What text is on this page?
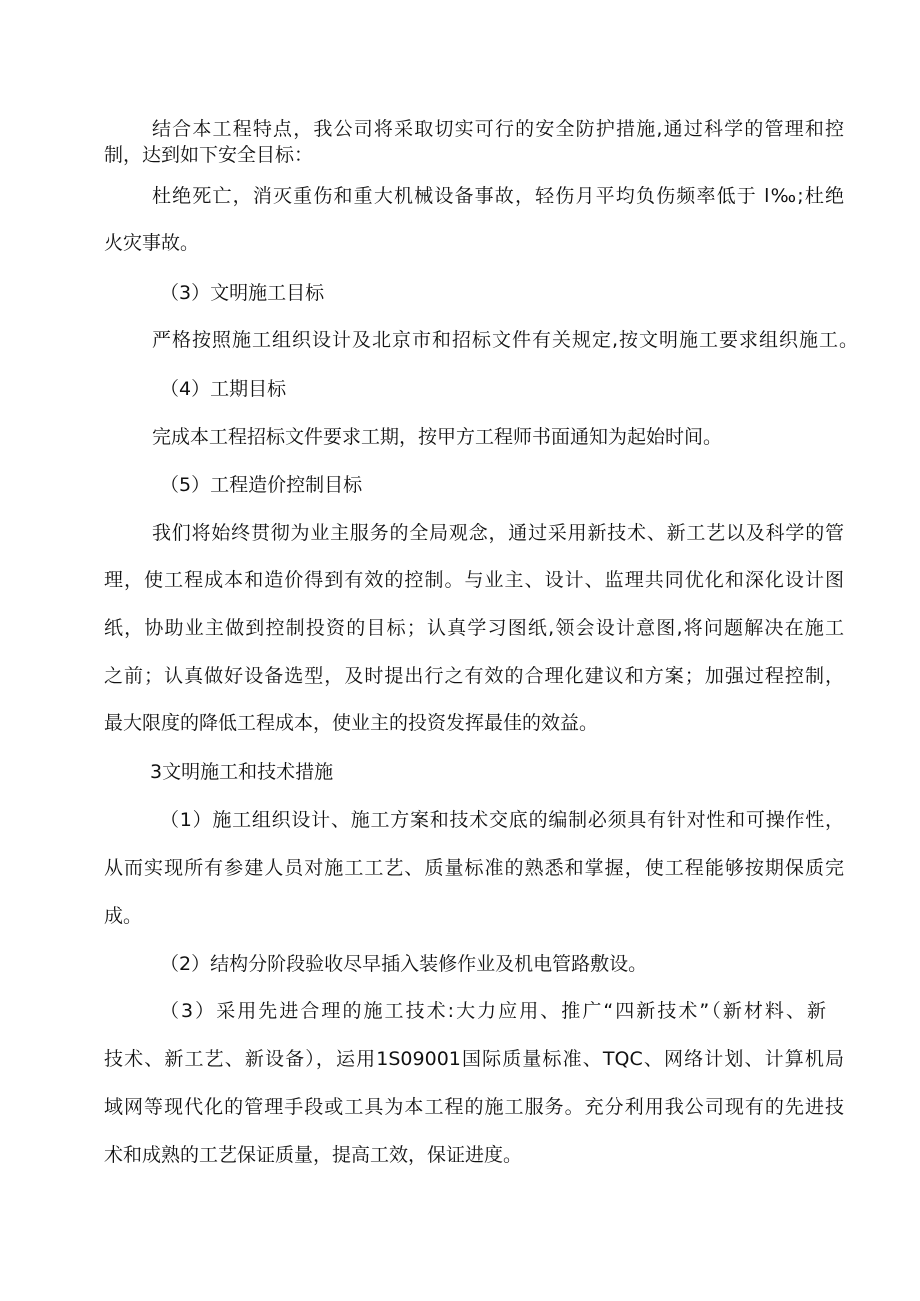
结合本工程特点，我公司将采取切实可行的安全防护措施,通过科学的管理和控

制，达到如下安全目标：

杜绝死亡，消灭重伤和重大机械设备事故，轻伤月平均负伤频率低于 l‰;杜绝

火灾事故。

（3）文明施工目标

严格按照施工组织设计及北京市和招标文件有关规定,按文明施工要求组织施工。

（4）工期目标

完成本工程招标文件要求工期，按甲方工程师书面通知为起始时间。

（5）工程造价控制目标

我们将始终贯彻为业主服务的全局观念，通过采用新技术、新工艺以及科学的管

理，使工程成本和造价得到有效的控制。与业主、设计、监理共同优化和深化设计图

纸，协助业主做到控制投资的目标；认真学习图纸,领会设计意图,将问题解决在施工

之前；认真做好设备选型，及时提出行之有效的合理化建议和方案；加强过程控制，

最大限度的降低工程成本，使业主的投资发挥最佳的效益。

3文明施工和技术措施

（1）施工组织设计、施工方案和技术交底的编制必须具有针对性和可操作性，

从而实现所有参建人员对施工工艺、质量标准的熟悉和掌握，使工程能够按期保质完

成。

（2）结构分阶段验收尽早插入装修作业及机电管路敷设。

（3）采用先进合理的施工技术:大力应用、推广“四新技术”（新材料、新

技术、新工艺、新设备），运用1S09001国际质量标准、TQC、网络计划、计算机局

域网等现代化的管理手段或工具为本工程的施工服务。充分利用我公司现有的先进技

术和成熟的工艺保证质量，提高工效，保证进度。
